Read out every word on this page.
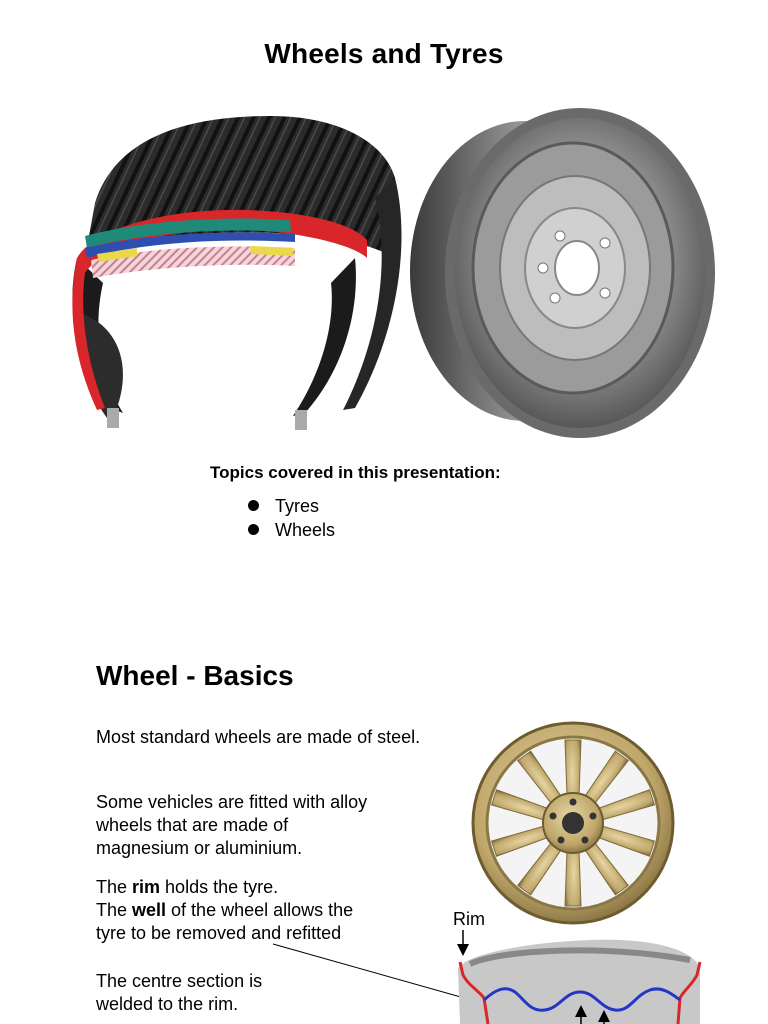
Wheels and Tyres
Topics covered in this presentation:
Tyres
Wheels
Wheel - Basics

Most standard wheels are made of steel.

Some vehicles are fitted with alloy
wheels that are made of
magnesium or aluminium.

The rim holds the tyre.
The well of the wheel allows the
tyre to be removed and refitted

The centre section is
welded to the rim.

Rim
